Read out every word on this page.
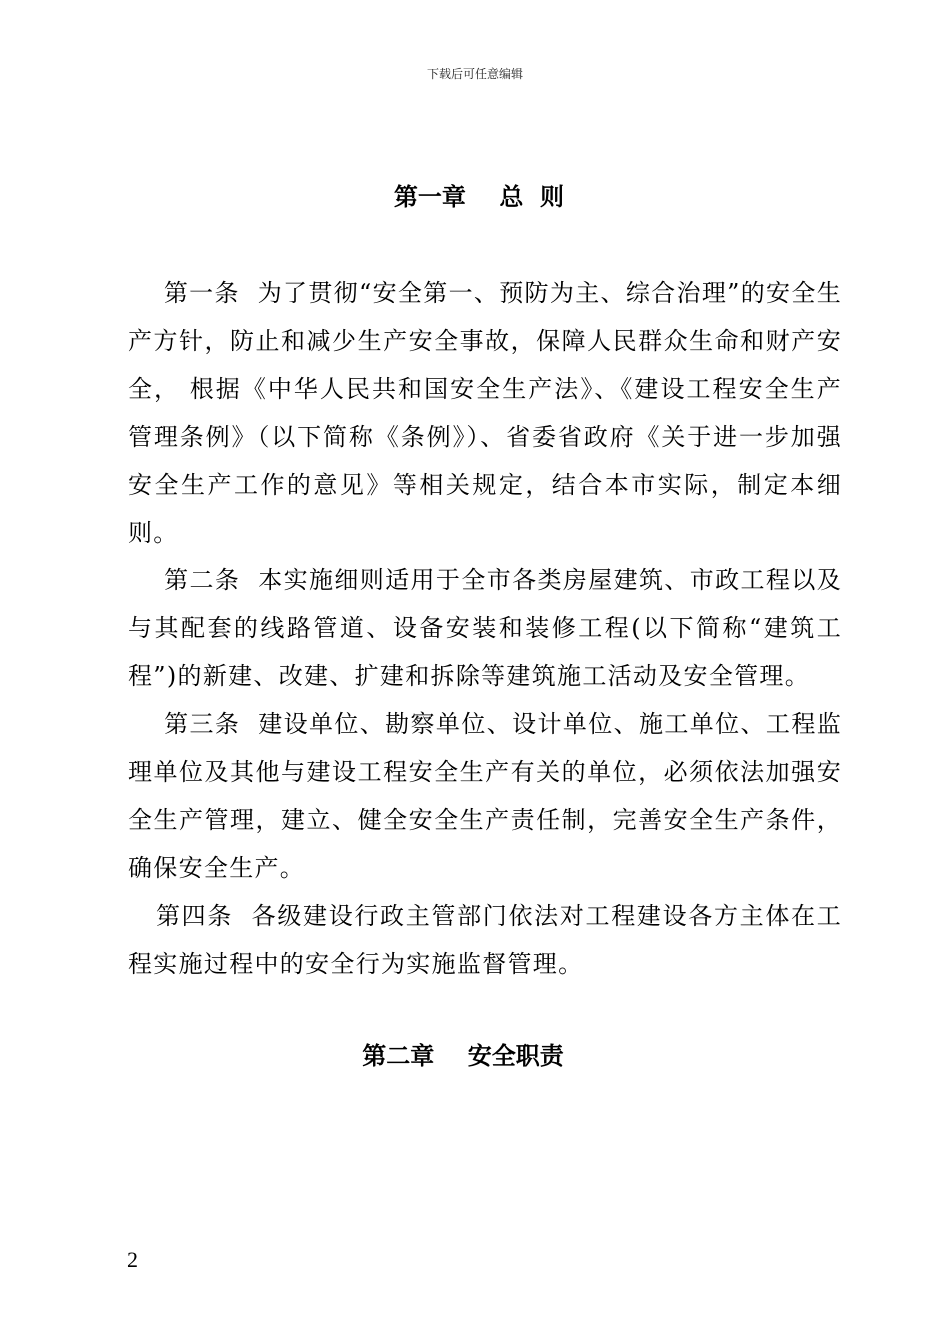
下载后可任意编辑
第一章    总  则

第一条  为了贯彻“安全第一、预防为主、综合治理”的安全生产方针，防止和减少生产安全事故，保障人民群众生命和财产安全， 根据《中华人民共和国安全生产法》、《建设工程安全生产管理条例》（以下简称《条例》）、省委省政府《关于进一步加强安全生产工作的意见》等相关规定，结合本市实际，制定本细则。

第二条  本实施细则适用于全市各类房屋建筑、市政工程以及与其配套的线路管道、设备安装和装修工程(以下简称“建筑工程”)的新建、改建、扩建和拆除等建筑施工活动及安全管理。

第三条  建设单位、勘察单位、设计单位、施工单位、工程监理单位及其他与建设工程安全生产有关的单位，必须依法加强安全生产管理，建立、健全安全生产责任制，完善安全生产条件，确保安全生产。

第四条  各级建设行政主管部门依法对工程建设各方主体在工程实施过程中的安全行为实施监督管理。

第二章    安全职责
2
